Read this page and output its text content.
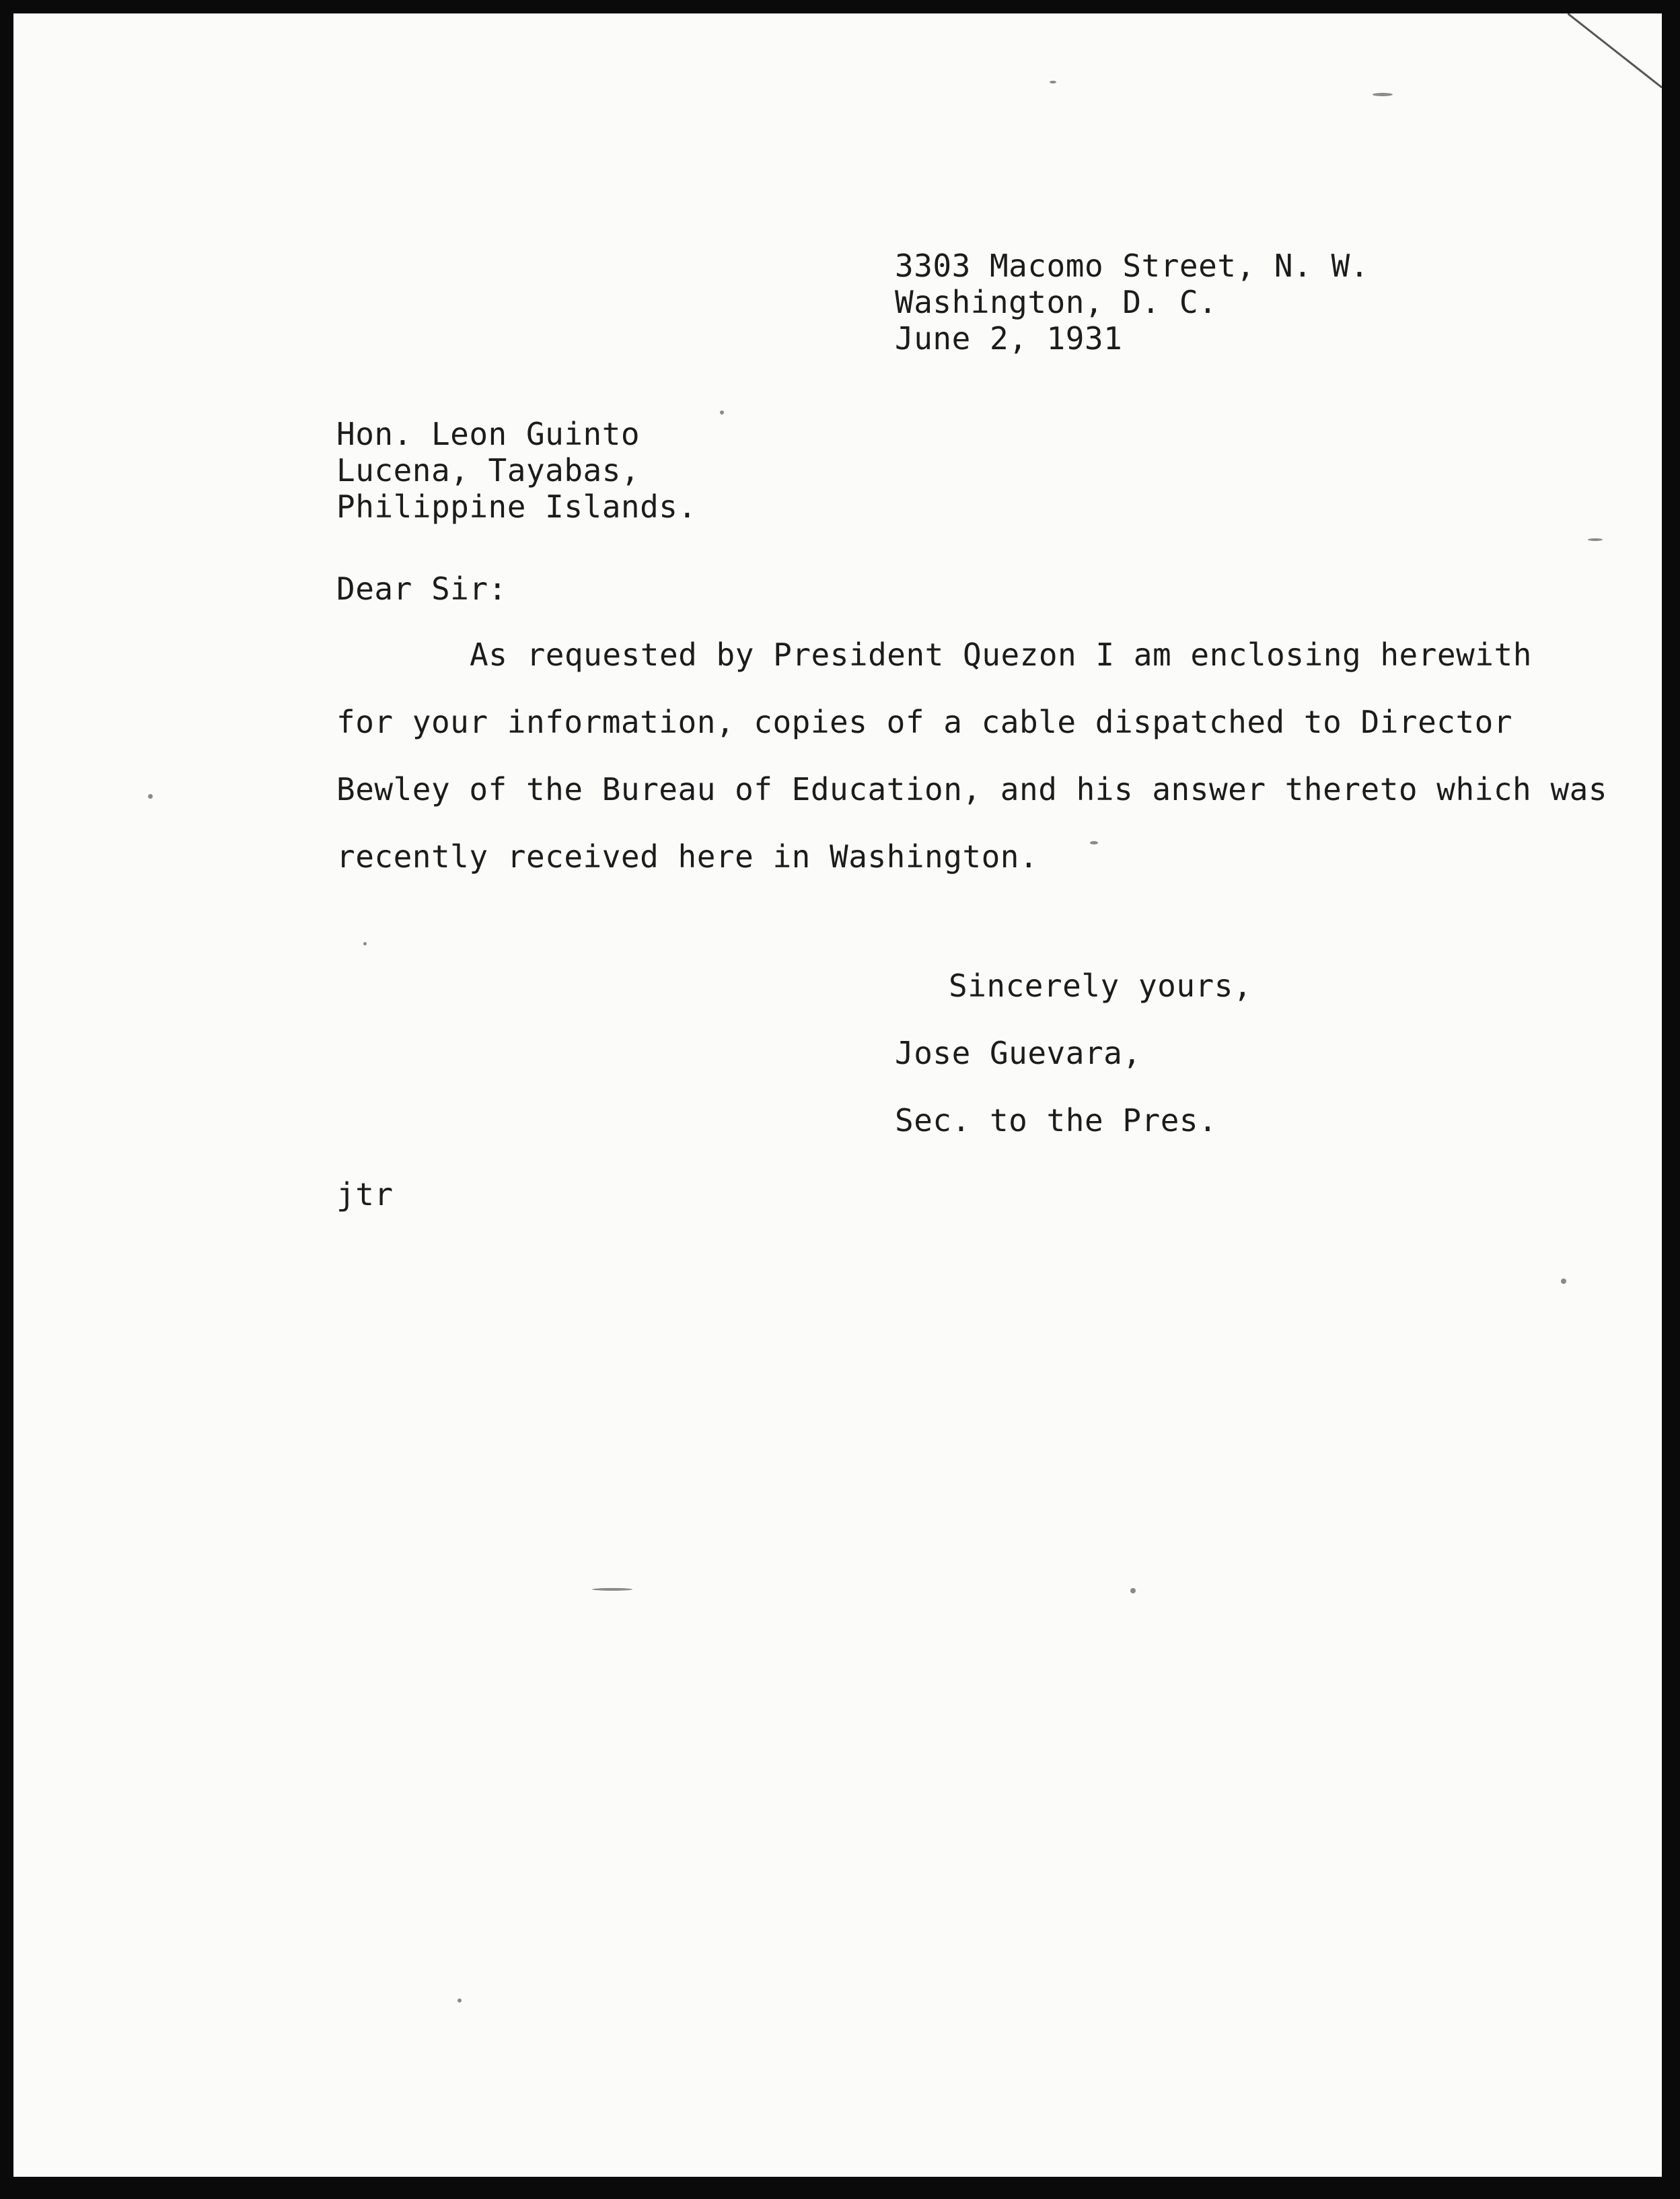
3303 Macomo Street, N. W.
Washington, D. C.
June 2, 1931
Hon. Leon Guinto
Lucena, Tayabas,
Philippine Islands.
Dear Sir:
As requested by President Quezon I am enclosing herewith
for your information, copies of a cable dispatched to Director
Bewley of the Bureau of Education, and his answer thereto which was
recently received here in Washington.
Sincerely yours,
Jose Guevara,
Sec. to the Pres.
jtr
